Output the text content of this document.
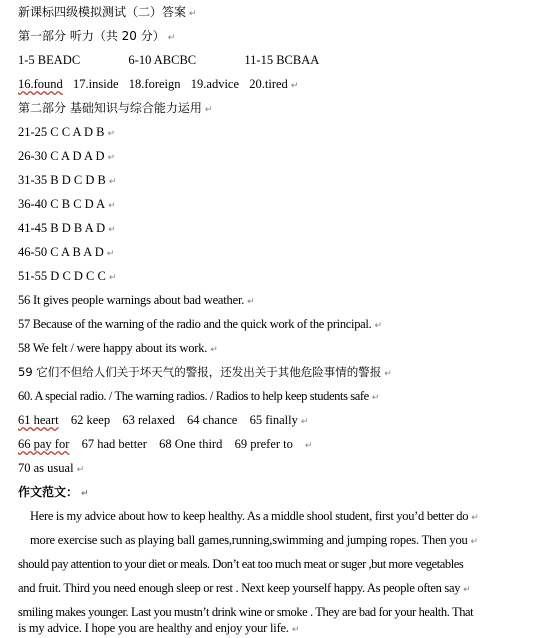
新课标四级模拟测试（二）答案 ↵
第一部分 听力（共 20 分） ↵
1-5 BEADC	6-10 ABCBC	11-15 BCBAA
16.found 17.inside 18.foreign 19.advice 20.tired ↵
第二部分 基础知识与综合能力运用 ↵
21-25 C C A D B ↵
26-30 C A D A D ↵
31-35 B D C D B ↵
36-40 C B C D A ↵
41-45 B D B A D ↵
46-50 C A B A D ↵
51-55 D C D C C ↵
56 It gives people warnings about bad weather. ↵
57 Because of the warning of the radio and the quick work of the principal. ↵
58 We felt / were happy about its work. ↵
59 它们不但给人们关于坏天气的警报，还发出关于其他危险事情的警报 ↵
60. A special radio. / The warning radios. / Radios to help keep students safe ↵
61 heart 62 keep 63 relaxed 64 chance 65 finally ↵
66 pay for 67 had better 68 One third 69 prefer to ↵
70 as usual ↵
作文范文： ↵
Here is my advice about how to keep healthy. As a middle shool student, first you’d better do ↵
more exercise such as playing ball games,running,swimming and jumping ropes. Then you ↵
should pay attention to your diet or meals. Don’t eat too much meat or suger ,but more vegetables
and fruit. Third you need enough sleep or rest . Next keep yourself happy. As people often say ↵
smiling makes younger. Last you mustn’t drink wine or smoke . They are bad for your health. That
is my advice. I hope you are healthy and enjoy your life. ↵
